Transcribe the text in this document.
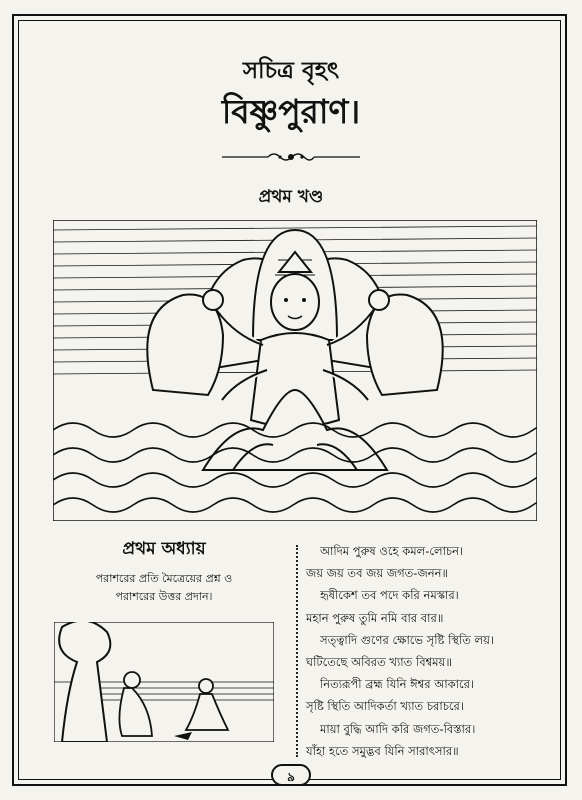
সচিত্র বৃহৎ
বিষ্ণুপুরাণ।
প্রথম খণ্ড
প্রথম অধ্যায়
পরাশরের প্রতি মৈত্রেয়ের প্রশ্ন ও
পরাশরের উত্তর প্রদান।
আদিম পুরুষ ওহে কমল-লোচন।
জয় জয় তব জয় জগত-জনন॥
হৃষীকেশ তব পদে করি নমস্কার।
মহান পুরুষ তুমি নমি বার বার॥
সত্ত্বাদি গুণের ক্ষোভে সৃষ্টি স্থিতি লয়।
ঘটিতেছে অবিরত খ্যাত বিশ্বময়॥
নিত্যরূপী ব্রহ্ম যিনি ঈশ্বর আকারে।
সৃষ্টি স্থিতি আদিকর্তা খ্যাত চরাচরে।
মায়া বুদ্ধি আদি করি জগত-বিস্তার।
যাঁহা হতে সমুদ্ভব যিনি সারাৎসার॥
৯
